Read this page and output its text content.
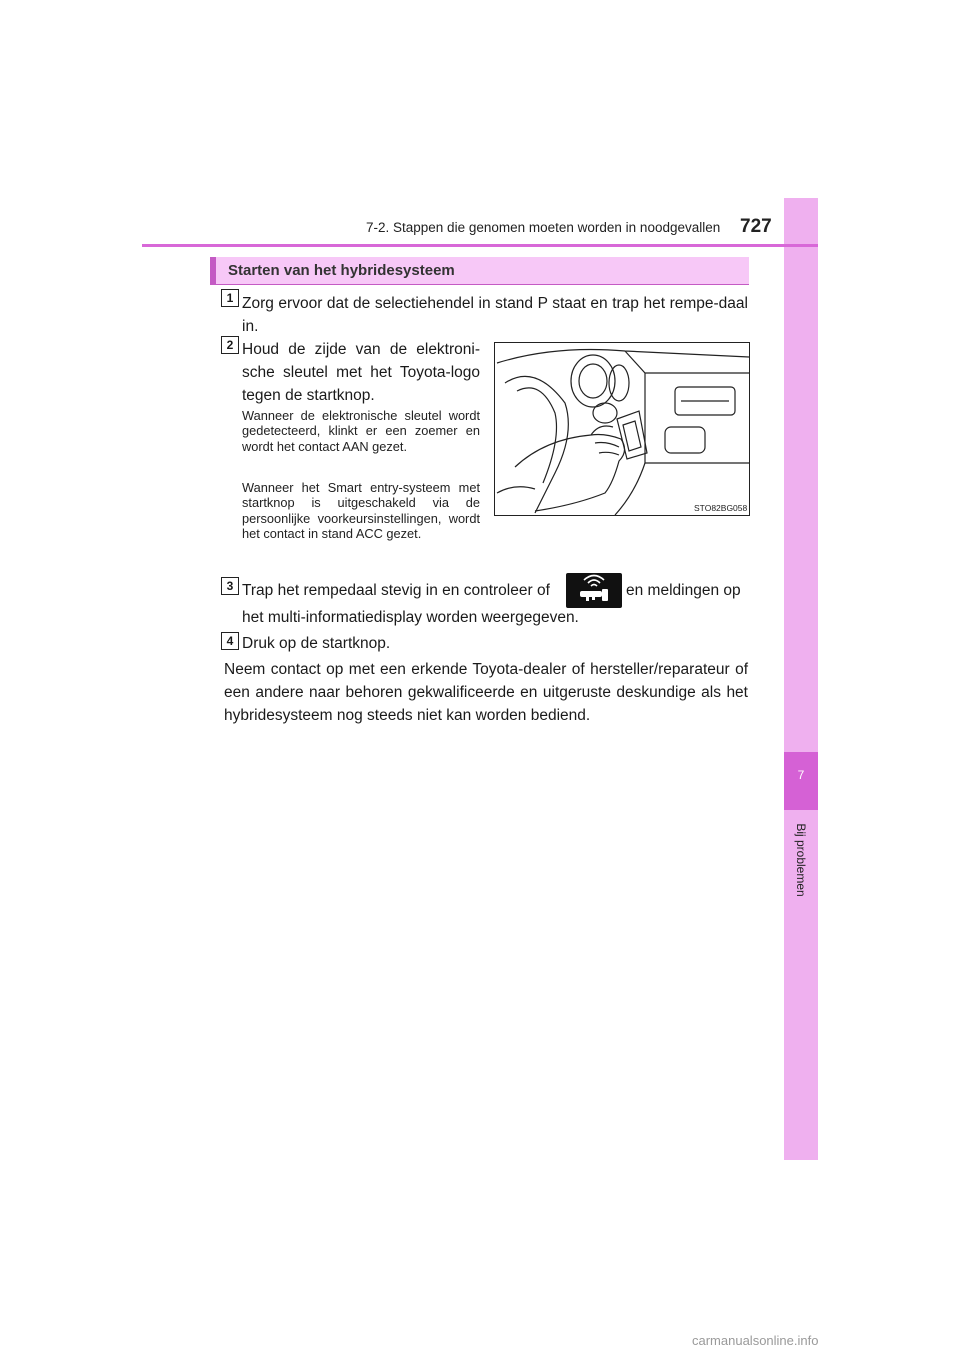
7
Bij problemen
7-2. Stappen die genomen moeten worden in noodgevallen 727
Starten van het hybridesysteem
1 Zorg ervoor dat de selectiehendel in stand P staat en trap het rempe-daal in.
2 Houd de zijde van de elektroni-sche sleutel met het Toyota-logo tegen de startknop.
Wanneer de elektronische sleutel wordt gedetecteerd, klinkt er een zoemer en wordt het contact AAN gezet.
Wanneer het Smart entry-systeem met startknop is uitgeschakeld via de persoonlijke voorkeursinstellingen, wordt het contact in stand ACC gezet.
STO82BG058
3 Trap het rempedaal stevig in en controleer of	en meldingen op
het multi-informatiedisplay worden weergegeven.
4 Druk op de startknop.
Neem contact op met een erkende Toyota-dealer of hersteller/reparateur of een andere naar behoren gekwalificeerde en uitgeruste deskundige als het hybridesysteem nog steeds niet kan worden bediend.
carmanualsonline.info
